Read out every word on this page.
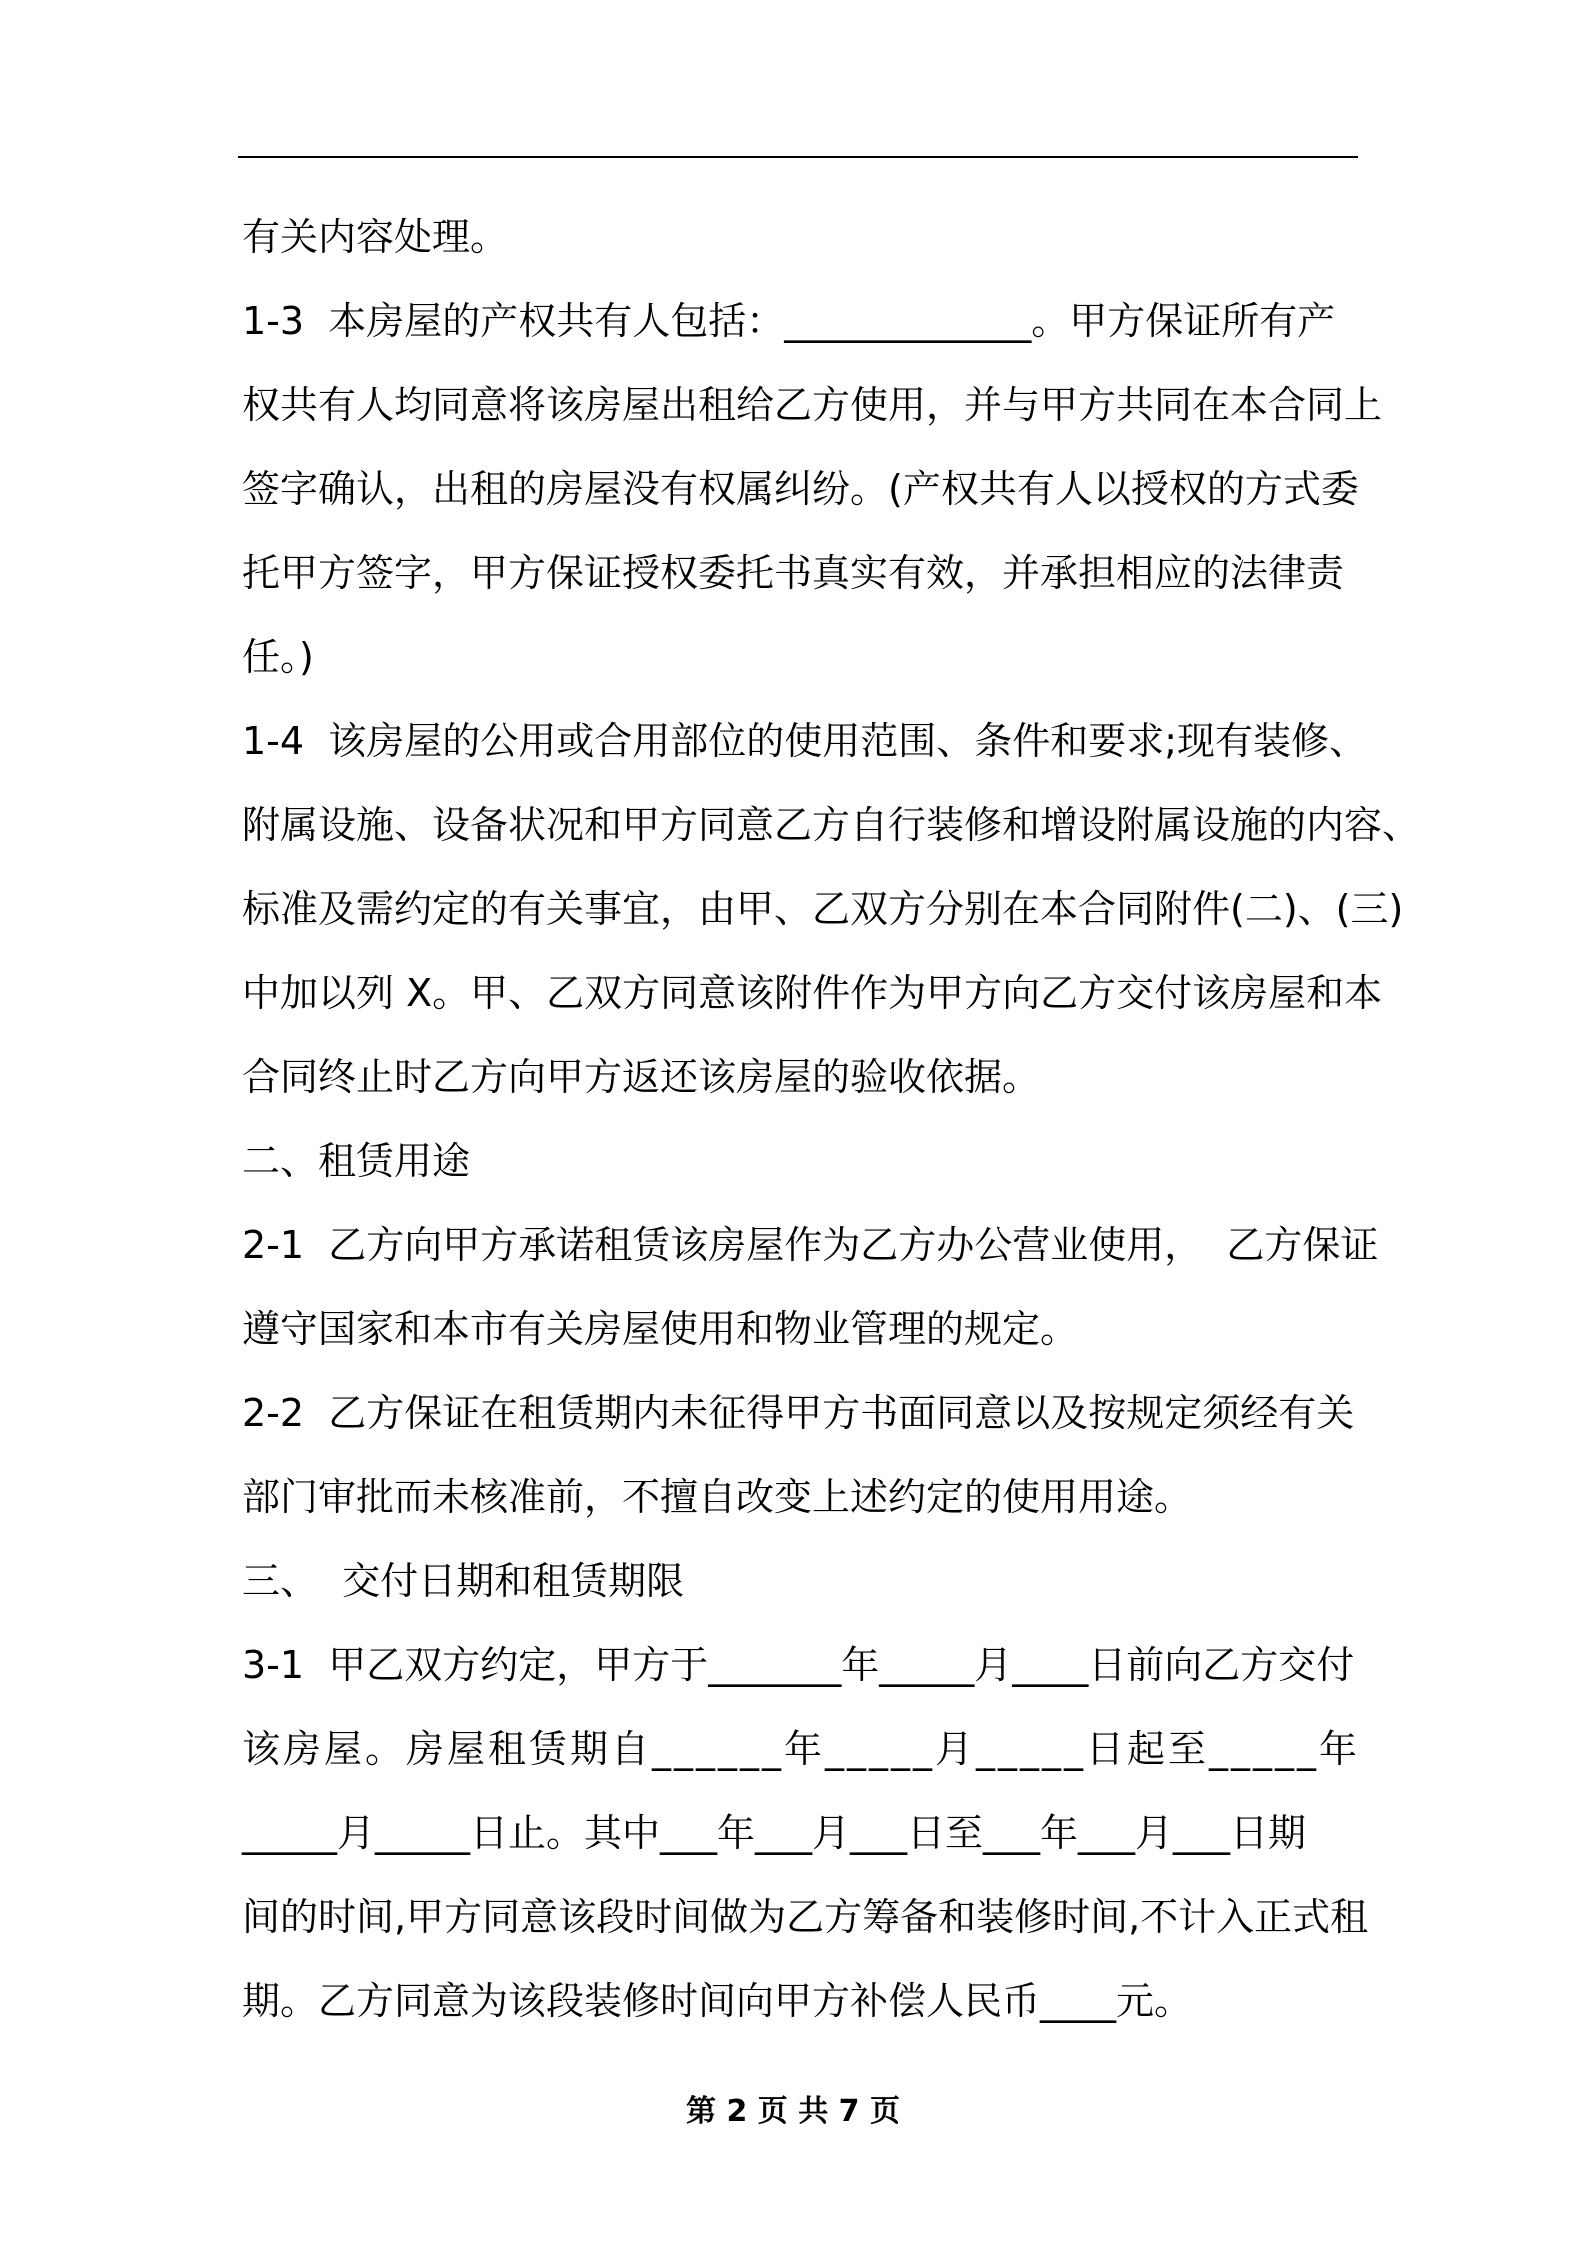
有关内容处理。
1-3  本房屋的产权共有人包括：_____________。甲方保证所有产
权共有人均同意将该房屋出租给乙方使用，并与甲方共同在本合同上
签字确认，出租的房屋没有权属纠纷。(产权共有人以授权的方式委
托甲方签字，甲方保证授权委托书真实有效，并承担相应的法律责
任。)
1-4  该房屋的公用或合用部位的使用范围、条件和要求;现有装修、
附属设施、设备状况和甲方同意乙方自行装修和增设附属设施的内容、
标准及需约定的有关事宜，由甲、乙双方分别在本合同附件(二)、(三)
中加以列 X。甲、乙双方同意该附件作为甲方向乙方交付该房屋和本
合同终止时乙方向甲方返还该房屋的验收依据。
二、租赁用途
2-1  乙方向甲方承诺租赁该房屋作为乙方办公营业使用，  乙方保证
遵守国家和本市有关房屋使用和物业管理的规定。
2-2  乙方保证在租赁期内未征得甲方书面同意以及按规定须经有关
部门审批而未核准前，不擅自改变上述约定的使用用途。
三、  交付日期和租赁期限
3-1  甲乙双方约定，甲方于_______年_____月____日前向乙方交付
该房屋。房屋租赁期自______年_____月_____日起至_____年
_____月_____日止。其中___年___月___日至___年___月___日期
间的时间,甲方同意该段时间做为乙方筹备和装修时间,不计入正式租
期。乙方同意为该段装修时间向甲方补偿人民币____元。
第 2 页 共 7 页
